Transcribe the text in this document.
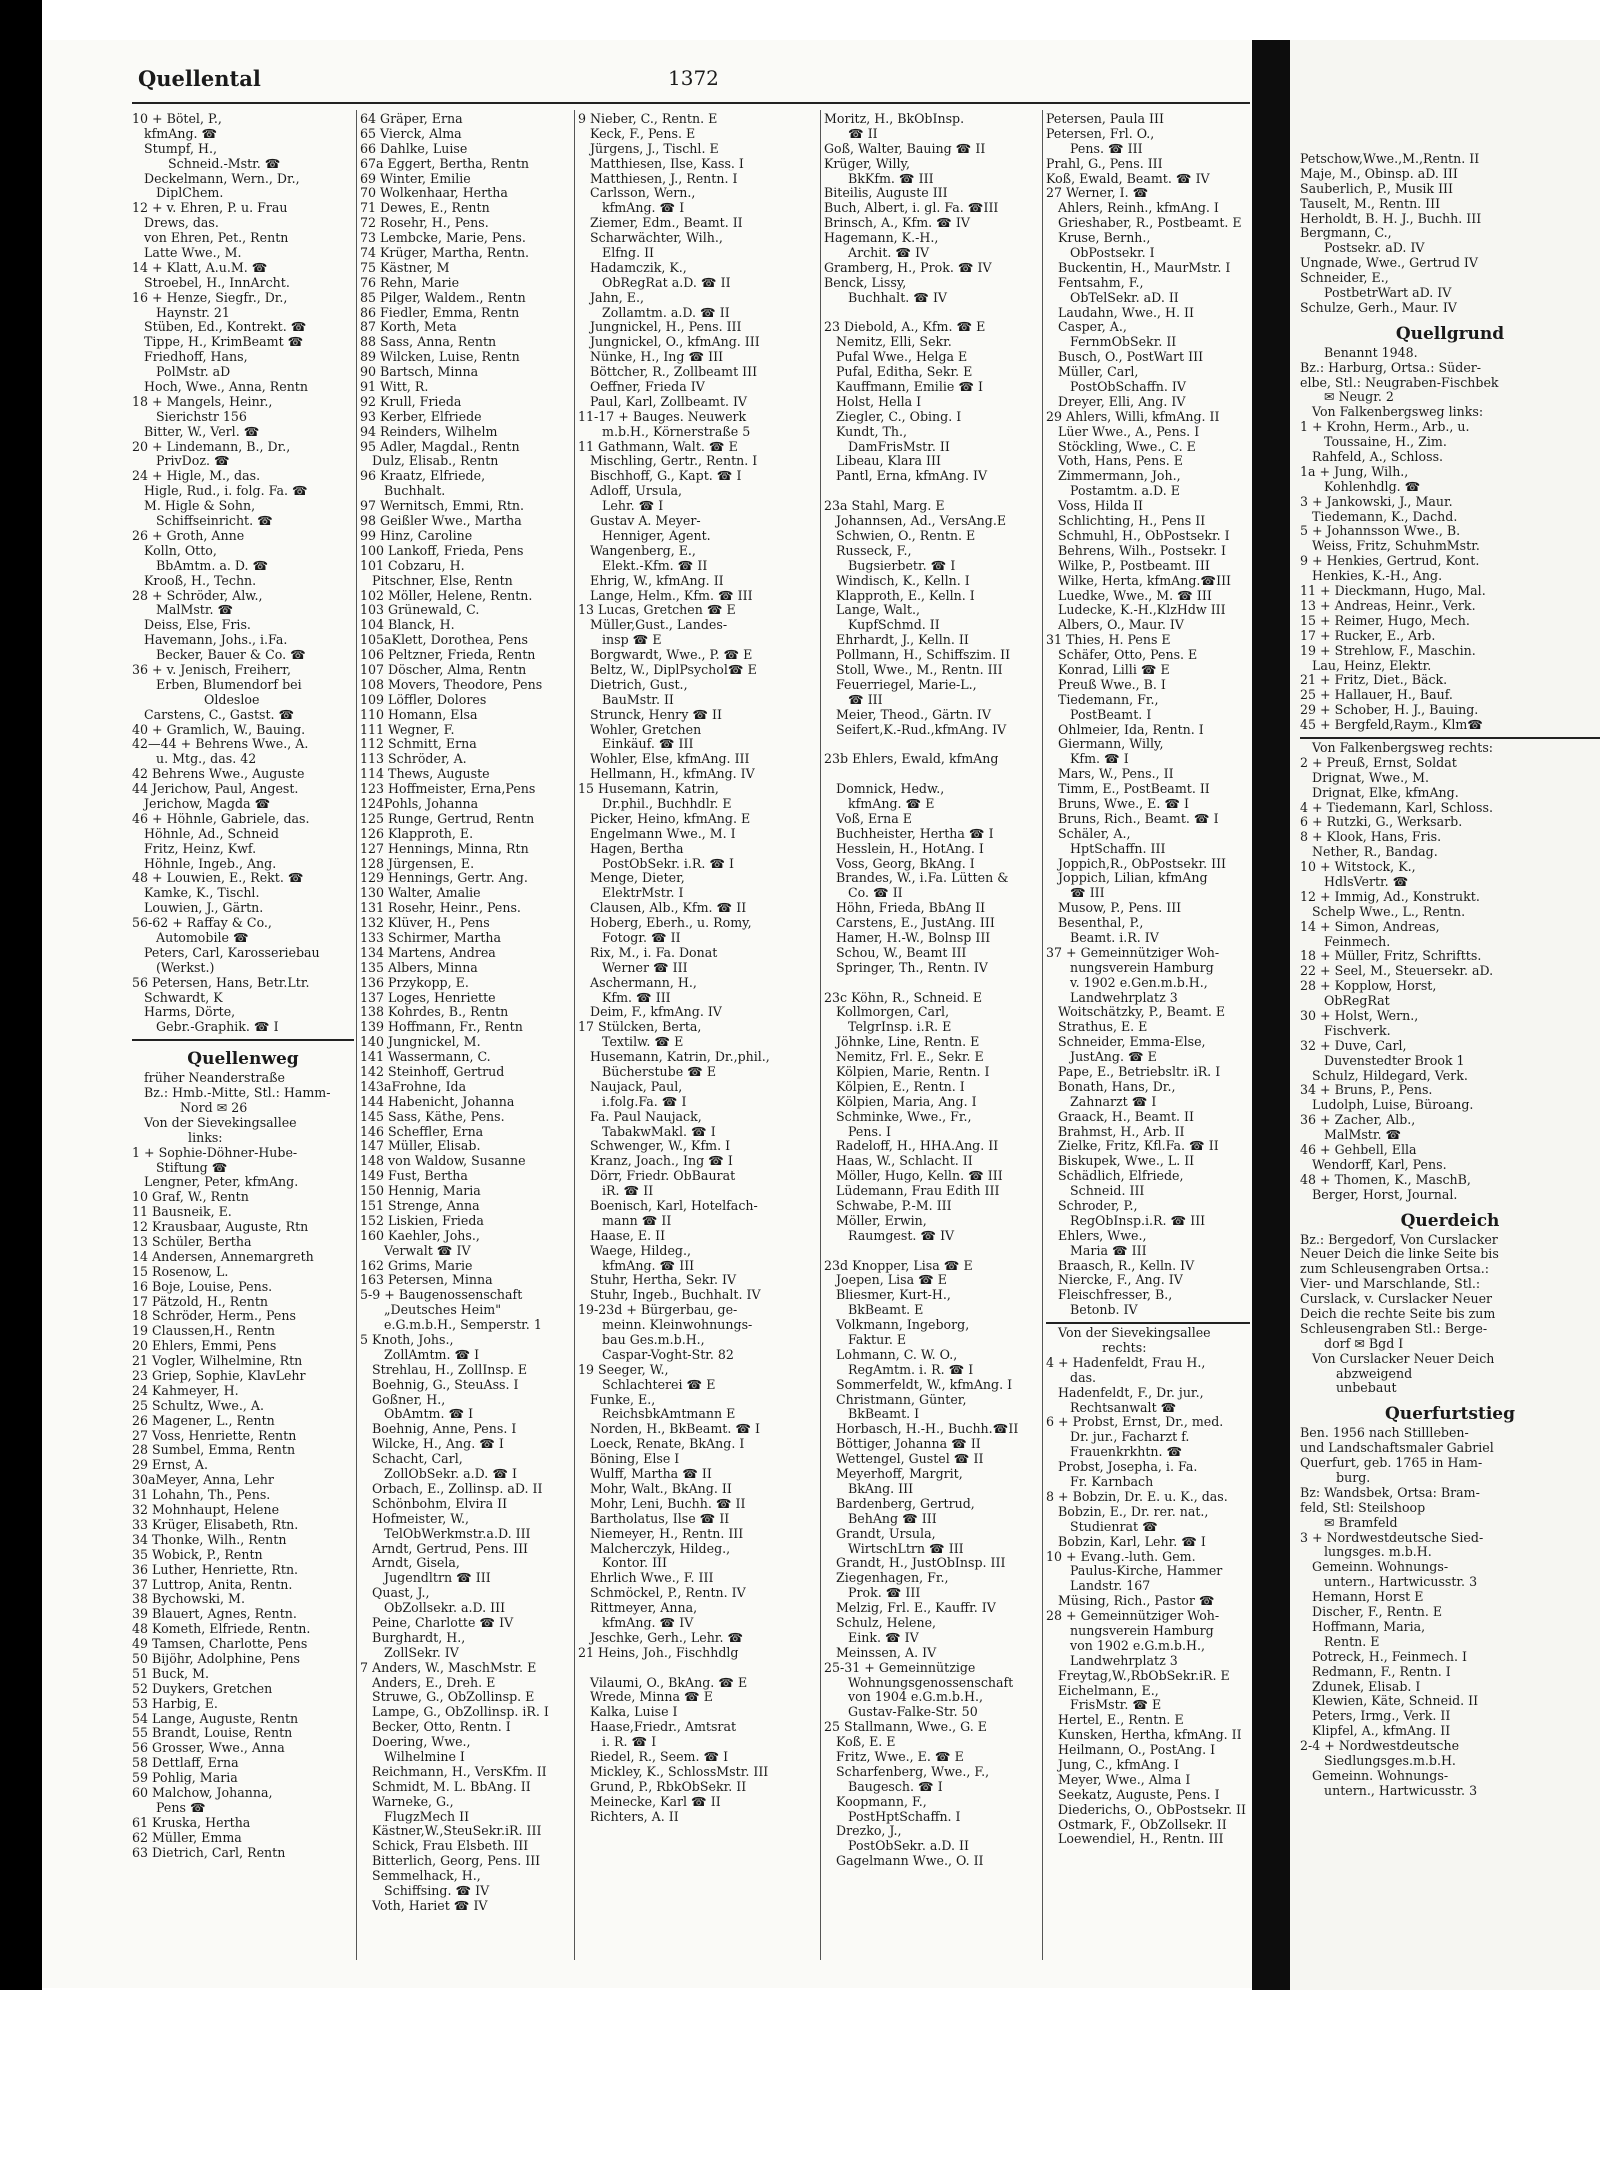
Petschow,Wwe.,M.,Rentn. II
Maje, M., Obinsp. aD. III
Sauberlich, P., Musik III
Tauselt, M., Rentn. III
Herholdt, B. H. J., Buchh. III
Bergmann, C.,
Postsekr. aD. IV
Ungnade, Wwe., Gertrud IV
Schneider, E.,
PostbetrWart aD. IV
Schulze, Gerh., Maur. IV
Quellgrund
Benannt 1948.
Bz.: Harburg, Ortsa.: Süder-
elbe, Stl.: Neugraben-Fischbek
✉ Neugr. 2
Von Falkenbergsweg links:
1 + Krohn, Herm., Arb., u.
Toussaine, H., Zim.
Rahfeld, A., Schloss.
1a + Jung, Wilh.,
Kohlenhdlg. ☎
3 + Jankowski, J., Maur.
Tiedemann, K., Dachd.
5 + Johannsson Wwe., B.
Weiss, Fritz, SchuhmMstr.
9 + Henkies, Gertrud, Kont.
Henkies, K.-H., Ang.
11 + Dieckmann, Hugo, Mal.
13 + Andreas, Heinr., Verk.
15 + Reimer, Hugo, Mech.
17 + Rucker, E., Arb.
19 + Strehlow, F., Maschin.
Lau, Heinz, Elektr.
21 + Fritz, Diet., Bäck.
25 + Hallauer, H., Bauf.
29 + Schober, H. J., Bauing.
45 + Bergfeld,Raym., Klm☎
Von Falkenbergsweg rechts:
2 + Preuß, Ernst, Soldat
Drignat, Wwe., M.
Drignat, Elke, kfmAng.
4 + Tiedemann, Karl, Schloss.
6 + Rutzki, G., Werksarb.
8 + Klook, Hans, Fris.
Nether, R., Bandag.
10 + Witstock, K.,
HdlsVertr. ☎
12 + Immig, Ad., Konstrukt.
Schelp Wwe., L., Rentn.
14 + Simon, Andreas,
Feinmech.
18 + Müller, Fritz, Schriftts.
22 + Seel, M., Steuersekr. aD.
28 + Kopplow, Horst,
ObRegRat
30 + Holst, Wern.,
Fischverk.
32 + Duve, Carl,
Duvenstedter Brook 1
Schulz, Hildegard, Verk.
34 + Bruns, P., Pens.
Ludolph, Luise, Büroang.
36 + Zacher, Alb.,
MalMstr. ☎
46 + Gehbell, Ella
Wendorff, Karl, Pens.
48 + Thomen, K., MaschB,
Berger, Horst, Journal.
Querdeich
Bz.: Bergedorf, Von Curslacker
Neuer Deich die linke Seite bis
zum Schleusengraben Ortsa.:
Vier- und Marschlande, Stl.:
Curslack, v. Curslacker Neuer
Deich die rechte Seite bis zum
Schleusengraben Stl.: Berge-
dorf ✉ Bgd I
Von Curslacker Neuer Deich
abzweigend
unbebaut
Querfurtstieg
Ben. 1956 nach Stillleben-
und Landschaftsmaler Gabriel
Querfurt, geb. 1765 in Ham-
burg.
Bz: Wandsbek, Ortsa: Bram-
feld, Stl: Steilshoop
✉ Bramfeld
3 + Nordwestdeutsche Sied-
lungsges. m.b.H.
Gemeinn. Wohnungs-
untern., Hartwicusstr. 3
Hemann, Horst E
Discher, F., Rentn. E
Hoffmann, Maria,
Rentn. E
Potreck, H., Feinmech. I
Redmann, F., Rentn. I
Zdunek, Elisab. I
Klewien, Käte, Schneid. II
Peters, Irmg., Verk. II
Klipfel, A., kfmAng. II
2-4 + Nordwestdeutsche
Siedlungsges.m.b.H.
Gemeinn. Wohnungs-
untern., Hartwicusstr. 3
Quellental	1372
10 + Bötel, P.,
kfmAng. ☎
Stumpf, H.,
Schneid.-Mstr. ☎
Deckelmann, Wern., Dr.,
DiplChem.
12 + v. Ehren, P. u. Frau
Drews, das.
von Ehren, Pet., Rentn
Latte Wwe., M.
14 + Klatt, A.u.M. ☎
Stroebel, H., InnArcht.
16 + Henze, Siegfr., Dr.,
Haynstr. 21
Stüben, Ed., Kontrekt. ☎
Tippe, H., KrimBeamt ☎
Friedhoff, Hans,
PolMstr. aD
Hoch, Wwe., Anna, Rentn
18 + Mangels, Heinr.,
Sierichstr 156
Bitter, W., Verl. ☎
20 + Lindemann, B., Dr.,
PrivDoz. ☎
24 + Higle, M., das.
Higle, Rud., i. folg. Fa. ☎
M. Higle & Sohn,
Schiffseinricht. ☎
26 + Groth, Anne
Kolln, Otto,
BbAmtm. a. D. ☎
Krooß, H., Techn.
28 + Schröder, Alw.,
MalMstr. ☎
Deiss, Else, Fris.
Havemann, Johs., i.Fa.
Becker, Bauer & Co. ☎
36 + v. Jenisch, Freiherr,
Erben, Blumendorf bei
Oldesloe
Carstens, C., Gastst. ☎
40 + Gramlich, W., Bauing.
42—44 + Behrens Wwe., A.
u. Mtg., das. 42
42 Behrens Wwe., Auguste
44 Jerichow, Paul, Angest.
Jerichow, Magda ☎
46 + Höhnle, Gabriele, das.
Höhnle, Ad., Schneid
Fritz, Heinz, Kwf.
Höhnle, Ingeb., Ang.
48 + Louwien, E., Rekt. ☎
Kamke, K., Tischl.
Louwien, J., Gärtn.
56-62 + Raffay & Co.,
Automobile ☎
Peters, Carl, Karosseriebau
(Werkst.)
56 Petersen, Hans, Betr.Ltr.
Schwardt, K
Harms, Dörte,
Gebr.-Graphik. ☎ I
Quellenweg
früher Neanderstraße
Bz.: Hmb.-Mitte, Stl.: Hamm-
Nord ✉ 26
Von der Sievekingsallee
links:
1 + Sophie-Döhner-Hube-
Stiftung ☎
Lengner, Peter, kfmAng.
10 Graf, W., Rentn
11 Bausneik, E.
12 Krausbaar, Auguste, Rtn
13 Schüler, Bertha
14 Andersen, Annemargreth
15 Rosenow, L.
16 Boje, Louise, Pens.
17 Pätzold, H., Rentn
18 Schröder, Herm., Pens
19 Claussen,H., Rentn
20 Ehlers, Emmi, Pens
21 Vogler, Wilhelmine, Rtn
23 Griep, Sophie, KlavLehr
24 Kahmeyer, H.
25 Schultz, Wwe., A.
26 Magener, L., Rentn
27 Voss, Henriette, Rentn
28 Sumbel, Emma, Rentn
29 Ernst, A.
30aMeyer, Anna, Lehr
31 Lohahn, Th., Pens.
32 Mohnhaupt, Helene
33 Krüger, Elisabeth, Rtn.
34 Thonke, Wilh., Rentn
35 Wobick, P., Rentn
36 Luther, Henriette, Rtn.
37 Luttrop, Anita, Rentn.
38 Bychowski, M.
39 Blauert, Agnes, Rentn.
48 Kometh, Elfriede, Rentn.
49 Tamsen, Charlotte, Pens
50 Bijöhr, Adolphine, Pens
51 Buck, M.
52 Duykers, Gretchen
53 Harbig, E.
54 Lange, Auguste, Rentn
55 Brandt, Louise, Rentn
56 Grosser, Wwe., Anna
58 Dettlaff, Erna
59 Pohlig, Maria
60 Malchow, Johanna,
Pens ☎
61 Kruska, Hertha
62 Müller, Emma
63 Dietrich, Carl, Rentn
64 Gräper, Erna
65 Vierck, Alma
66 Dahlke, Luise
67a Eggert, Bertha, Rentn
69 Winter, Emilie
70 Wolkenhaar, Hertha
71 Dewes, E., Rentn
72 Rosehr, H., Pens.
73 Lembcke, Marie, Pens.
74 Krüger, Martha, Rentn.
75 Kästner, M
76 Rehn, Marie
85 Pilger, Waldem., Rentn
86 Fiedler, Emma, Rentn
87 Korth, Meta
88 Sass, Anna, Rentn
89 Wilcken, Luise, Rentn
90 Bartsch, Minna
91 Witt, R.
92 Krull, Frieda
93 Kerber, Elfriede
94 Reinders, Wilhelm
95 Adler, Magdal., Rentn
Dulz, Elisab., Rentn
96 Kraatz, Elfriede,
Buchhalt.
97 Wernitsch, Emmi, Rtn.
98 Geißler Wwe., Martha
99 Hinz, Caroline
100 Lankoff, Frieda, Pens
101 Cobzaru, H.
Pitschner, Else, Rentn
102 Möller, Helene, Rentn.
103 Grünewald, C.
104 Blanck, H.
105aKlett, Dorothea, Pens
106 Peltzner, Frieda, Rentn
107 Döscher, Alma, Rentn
108 Movers, Theodore, Pens
109 Löffler, Dolores
110 Homann, Elsa
111 Wegner, F.
112 Schmitt, Erna
113 Schröder, A.
114 Thews, Auguste
123 Hoffmeister, Erna,Pens
124Pohls, Johanna
125 Runge, Gertrud, Rentn
126 Klapproth, E.
127 Hennings, Minna, Rtn
128 Jürgensen, E.
129 Hennings, Gertr. Ang.
130 Walter, Amalie
131 Rosehr, Heinr., Pens.
132 Klüver, H., Pens
133 Schirmer, Martha
134 Martens, Andrea
135 Albers, Minna
136 Przykopp, E.
137 Loges, Henriette
138 Kohrdes, B., Rentn
139 Hoffmann, Fr., Rentn
140 Jungnickel, M.
141 Wassermann, C.
142 Steinhoff, Gertrud
143aFrohne, Ida
144 Habenicht, Johanna
145 Sass, Käthe, Pens.
146 Scheffler, Erna
147 Müller, Elisab.
148 von Waldow, Susanne
149 Fust, Bertha
150 Hennig, Maria
151 Strenge, Anna
152 Liskien, Frieda
160 Kaehler, Johs.,
Verwalt ☎ IV
162 Grims, Marie
163 Petersen, Minna
5-9 + Baugenossenschaft
„Deutsches Heim"
e.G.m.b.H., Semperstr. 1
5 Knoth, Johs.,
ZollAmtm. ☎ I
Strehlau, H., ZollInsp. E
Boehnig, G., SteuAss. I
Goßner, H.,
ObAmtm. ☎ I
Boehnig, Anne, Pens. I
Wilcke, H., Ang. ☎ I
Schacht, Carl,
ZollObSekr. a.D. ☎ I
Orbach, E., Zollinsp. aD. II
Schönbohm, Elvira II
Hofmeister, W.,
TelObWerkmstr.a.D. III
Arndt, Gertrud, Pens. III
Arndt, Gisela,
Jugendltrn ☎ III
Quast, J.,
ObZollsekr. a.D. III
Peine, Charlotte ☎ IV
Burghardt, H.,
ZollSekr. IV
7 Anders, W., MaschMstr. E
Anders, E., Dreh. E
Struwe, G., ObZollinsp. E
Lampe, G., ObZollinsp. iR. I
Becker, Otto, Rentn. I
Doering, Wwe.,
Wilhelmine I
Reichmann, H., VersKfm. II
Schmidt, M. L. BbAng. II
Warneke, G.,
FlugzMech II
Kästner,W.,SteuSekr.iR. III
Schick, Frau Elsbeth. III
Bitterlich, Georg, Pens. III
Semmelhack, H.,
Schiffsing. ☎ IV
Voth, Hariet ☎ IV
9 Nieber, C., Rentn. E
Keck, F., Pens. E
Jürgens, J., Tischl. E
Matthiesen, Ilse, Kass. I
Matthiesen, J., Rentn. I
Carlsson, Wern.,
kfmAng. ☎ I
Ziemer, Edm., Beamt. II
Scharwächter, Wilh.,
Elfng. II
Hadamczik, K.,
ObRegRat a.D. ☎ II
Jahn, E.,
Zollamtm. a.D. ☎ II
Jungnickel, H., Pens. III
Jungnickel, O., kfmAng. III
Nünke, H., Ing ☎ III
Böttcher, R., Zollbeamt III
Oeffner, Frieda IV
Paul, Karl, Zollbeamt. IV
11-17 + Bauges. Neuwerk
m.b.H., Körnerstraße 5
11 Gathmann, Walt. ☎ E
Mischling, Gertr., Rentn. I
Bischhoff, G., Kapt. ☎ I
Adloff, Ursula,
Lehr. ☎ I
Gustav A. Meyer-
Henniger, Agent.
Wangenberg, E.,
Elekt.-Kfm. ☎ II
Ehrig, W., kfmAng. II
Lange, Helm., Kfm. ☎ III
13 Lucas, Gretchen ☎ E
Müller,Gust., Landes-
insp ☎ E
Borgwardt, Wwe., P. ☎ E
Beltz, W., DiplPsychol☎ E
Dietrich, Gust.,
BauMstr. II
Strunck, Henry ☎ II
Wohler, Gretchen
Einkäuf. ☎ III
Wohler, Else, kfmAng. III
Hellmann, H., kfmAng. IV
15 Husemann, Katrin,
Dr.phil., Buchhdlr. E
Picker, Heino, kfmAng. E
Engelmann Wwe., M. I
Hagen, Bertha
PostObSekr. i.R. ☎ I
Menge, Dieter,
ElektrMstr. I
Clausen, Alb., Kfm. ☎ II
Hoberg, Eberh., u. Romy,
Fotogr. ☎ II
Rix, M., i. Fa. Donat
Werner ☎ III
Aschermann, H.,
Kfm. ☎ III
Deim, F., kfmAng. IV
17 Stülcken, Berta,
Textilw. ☎ E
Husemann, Katrin, Dr.,phil.,
Bücherstube ☎ E
Naujack, Paul,
i.folg.Fa. ☎ I
Fa. Paul Naujack,
TabakwMakl. ☎ I
Schwenger, W., Kfm. I
Kranz, Joach., Ing ☎ I
Dörr, Friedr. ObBaurat
iR. ☎ II
Boenisch, Karl, Hotelfach-
mann ☎ II
Haase, E. II
Waege, Hildeg.,
kfmAng. ☎ III
Stuhr, Hertha, Sekr. IV
Stuhr, Ingeb., Buchhalt. IV
19-23d + Bürgerbau, ge-
meinn. Kleinwohnungs-
bau Ges.m.b.H.,
Caspar-Voght-Str. 82
19 Seeger, W.,
Schlachterei ☎ E
Funke, E.,
ReichsbkAmtmann E
Norden, H., BkBeamt. ☎ I
Loeck, Renate, BkAng. I
Böning, Else I
Wulff, Martha ☎ II
Mohr, Walt., BkAng. II
Mohr, Leni, Buchh. ☎ II
Bartholatus, Ilse ☎ II
Niemeyer, H., Rentn. III
Malcherczyk, Hildeg.,
Kontor. III
Ehrlich Wwe., F. III
Schmöckel, P., Rentn. IV
Rittmeyer, Anna,
kfmAng. ☎ IV
Jeschke, Gerh., Lehr. ☎
21 Heins, Joh., Fischhdlg
Vilaumi, O., BkAng. ☎ E
Wrede, Minna ☎ E
Kalka, Luise I
Haase,Friedr., Amtsrat
i. R. ☎ I
Riedel, R., Seem. ☎ I
Mickley, K., SchlossMstr. III
Grund, P., RbkObSekr. II
Meinecke, Karl ☎ II
Richters, A. II
Moritz, H., BkObInsp.
☎ II
Goß, Walter, Bauing ☎ II
Krüger, Willy,
BkKfm. ☎ III
Biteilis, Auguste III
Buch, Albert, i. gl. Fa. ☎III
Brinsch, A., Kfm. ☎ IV
Hagemann, K.-H.,
Archit. ☎ IV
Gramberg, H., Prok. ☎ IV
Benck, Lissy,
Buchhalt. ☎ IV
23 Diebold, A., Kfm. ☎ E
Nemitz, Elli, Sekr.
Pufal Wwe., Helga E
Pufal, Editha, Sekr. E
Kauffmann, Emilie ☎ I
Holst, Hella I
Ziegler, C., Obing. I
Kundt, Th.,
DamFrisMstr. II
Libeau, Klara III
Pantl, Erna, kfmAng. IV
23a Stahl, Marg. E
Johannsen, Ad., VersAng.E
Schwien, O., Rentn. E
Russeck, F.,
Bugsierbetr. ☎ I
Windisch, K., Kelln. I
Klapproth, E., Kelln. I
Lange, Walt.,
KupfSchmd. II
Ehrhardt, J., Kelln. II
Pollmann, H., Schiffszim. II
Stoll, Wwe., M., Rentn. III
Feuerriegel, Marie-L.,
☎ III
Meier, Theod., Gärtn. IV
Seifert,K.-Rud.,kfmAng. IV
23b Ehlers, Ewald, kfmAng
Domnick, Hedw.,
kfmAng. ☎ E
Voß, Erna E
Buchheister, Hertha ☎ I
Hesslein, H., HotAng. I
Voss, Georg, BkAng. I
Brandes, W., i.Fa. Lütten &
Co. ☎ II
Höhn, Frieda, BbAng II
Carstens, E., JustAng. III
Hamer, H.-W., Bolnsp III
Schou, W., Beamt III
Springer, Th., Rentn. IV
23c Köhn, R., Schneid. E
Kollmorgen, Carl,
TelgrInsp. i.R. E
Jöhnke, Line, Rentn. E
Nemitz, Frl. E., Sekr. E
Kölpien, Marie, Rentn. I
Kölpien, E., Rentn. I
Kölpien, Maria, Ang. I
Schminke, Wwe., Fr.,
Pens. I
Radeloff, H., HHA.Ang. II
Haas, W., Schlacht. II
Möller, Hugo, Kelln. ☎ III
Lüdemann, Frau Edith III
Schwabe, P.-M. III
Möller, Erwin,
Raumgest. ☎ IV
23d Knopper, Lisa ☎ E
Joepen, Lisa ☎ E
Bliesmer, Kurt-H.,
BkBeamt. E
Volkmann, Ingeborg,
Faktur. E
Lohmann, C. W. O.,
RegAmtm. i. R. ☎ I
Sommerfeldt, W., kfmAng. I
Christmann, Günter,
BkBeamt. I
Horbasch, H.-H., Buchh.☎II
Böttiger, Johanna ☎ II
Wettengel, Gustel ☎ II
Meyerhoff, Margrit,
BkAng. III
Bardenberg, Gertrud,
BehAng ☎ III
Grandt, Ursula,
WirtschLtrn ☎ III
Grandt, H., JustObInsp. III
Ziegenhagen, Fr.,
Prok. ☎ III
Melzig, Frl. E., Kauffr. IV
Schulz, Helene,
Eink. ☎ IV
Meinssen, A. IV
25-31 + Gemeinnützige
Wohnungsgenossenschaft
von 1904 e.G.m.b.H.,
Gustav-Falke-Str. 50
25 Stallmann, Wwe., G. E
Koß, E. E
Fritz, Wwe., E. ☎ E
Scharfenberg, Wwe., F.,
Baugesch. ☎ I
Koopmann, F.,
PostHptSchaffn. I
Drezko, J.,
PostObSekr. a.D. II
Gagelmann Wwe., O. II
Petersen, Paula III
Petersen, Frl. O.,
Pens. ☎ III
Prahl, G., Pens. III
Koß, Ewald, Beamt. ☎ IV
27 Werner, I. ☎
Ahlers, Reinh., kfmAng. I
Grieshaber, R., Postbeamt. E
Kruse, Bernh.,
ObPostsekr. I
Buckentin, H., MaurMstr. I
Fentsahm, F.,
ObTelSekr. aD. II
Laudahn, Wwe., H. II
Casper, A.,
FernmObSekr. II
Busch, O., PostWart III
Müller, Carl,
PostObSchaffn. IV
Dreyer, Elli, Ang. IV
29 Ahlers, Willi, kfmAng. II
Lüer Wwe., A., Pens. I
Stöckling, Wwe., C. E
Voth, Hans, Pens. E
Zimmermann, Joh.,
Postamtm. a.D. E
Voss, Hilda II
Schlichting, H., Pens II
Schmuhl, H., ObPostsekr. I
Behrens, Wilh., Postsekr. I
Wilke, P., Postbeamt. III
Wilke, Herta, kfmAng.☎III
Luedke, Wwe., M. ☎ III
Ludecke, K.-H.,KlzHdw III
Albers, O., Maur. IV
31 Thies, H. Pens E
Schäfer, Otto, Pens. E
Konrad, Lilli ☎ E
Preuß Wwe., B. I
Tiedemann, Fr.,
PostBeamt. I
Ohlmeier, Ida, Rentn. I
Giermann, Willy,
Kfm. ☎ I
Mars, W., Pens., II
Timm, E., PostBeamt. II
Bruns, Wwe., E. ☎ I
Bruns, Rich., Beamt. ☎ I
Schäler, A.,
HptSchaffn. III
Joppich,R., ObPostsekr. III
Joppich, Lilian, kfmAng
☎ III
Musow, P., Pens. III
Besenthal, P.,
Beamt. i.R. IV
37 + Gemeinnütziger Woh-
nungsverein Hamburg
v. 1902 e.Gen.m.b.H.,
Landwehrplatz 3
Woitschätzky, P., Beamt. E
Strathus, E. E
Schneider, Emma-Else,
JustAng. ☎ E
Pape, E., Betriebsltr. iR. I
Bonath, Hans, Dr.,
Zahnarzt ☎ I
Graack, H., Beamt. II
Brahmst, H., Arb. II
Zielke, Fritz, Kfl.Fa. ☎ II
Biskupek, Wwe., L. II
Schädlich, Elfriede,
Schneid. III
Schroder, P.,
RegObInsp.i.R. ☎ III
Ehlers, Wwe.,
Maria ☎ III
Braasch, R., Kelln. IV
Niercke, F., Ang. IV
Fleischfresser, B.,
Betonb. IV
Von der Sievekingsallee
rechts:
4 + Hadenfeldt, Frau H.,
das.
Hadenfeldt, F., Dr. jur.,
Rechtsanwalt ☎
6 + Probst, Ernst, Dr., med.
Dr. jur., Facharzt f.
Frauenkrkhtn. ☎
Probst, Josepha, i. Fa.
Fr. Karnbach
8 + Bobzin, Dr. E. u. K., das.
Bobzin, E., Dr. rer. nat.,
Studienrat ☎
Bobzin, Karl, Lehr. ☎ I
10 + Evang.-luth. Gem.
Paulus-Kirche, Hammer
Landstr. 167
Müsing, Rich., Pastor ☎
28 + Gemeinnütziger Woh-
nungsverein Hamburg
von 1902 e.G.m.b.H.,
Landwehrplatz 3
Freytag,W.,RbObSekr.iR. E
Eichelmann, E.,
FrisMstr. ☎ E
Hertel, E., Rentn. E
Kunsken, Hertha, kfmAng. II
Heilmann, O., PostAng. I
Jung, C., kfmAng. I
Meyer, Wwe., Alma I
Seekatz, Auguste, Pens. I
Diederichs, O., ObPostsekr. II
Ostmark, F., ObZollsekr. II
Loewendiel, H., Rentn. III
